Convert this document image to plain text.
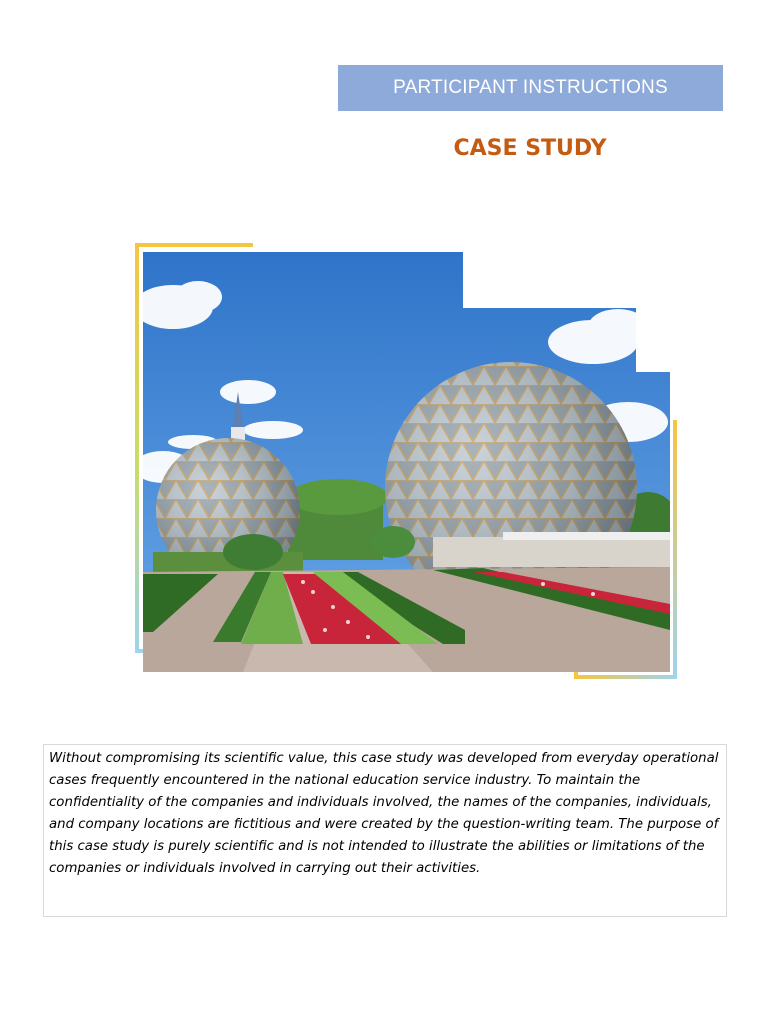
PARTICIPANT INSTRUCTIONS
CASE STUDY
Without compromising its scientific value, this case study was developed from everyday operational cases frequently encountered in the national education service industry. To maintain the confidentiality of the companies and individuals involved, the names of the companies, individuals, and company locations are fictitious and were created by the question-writing team. The purpose of this case study is purely scientific and is not intended to illustrate the abilities or limitations of the companies or individuals involved in carrying out their activities.
